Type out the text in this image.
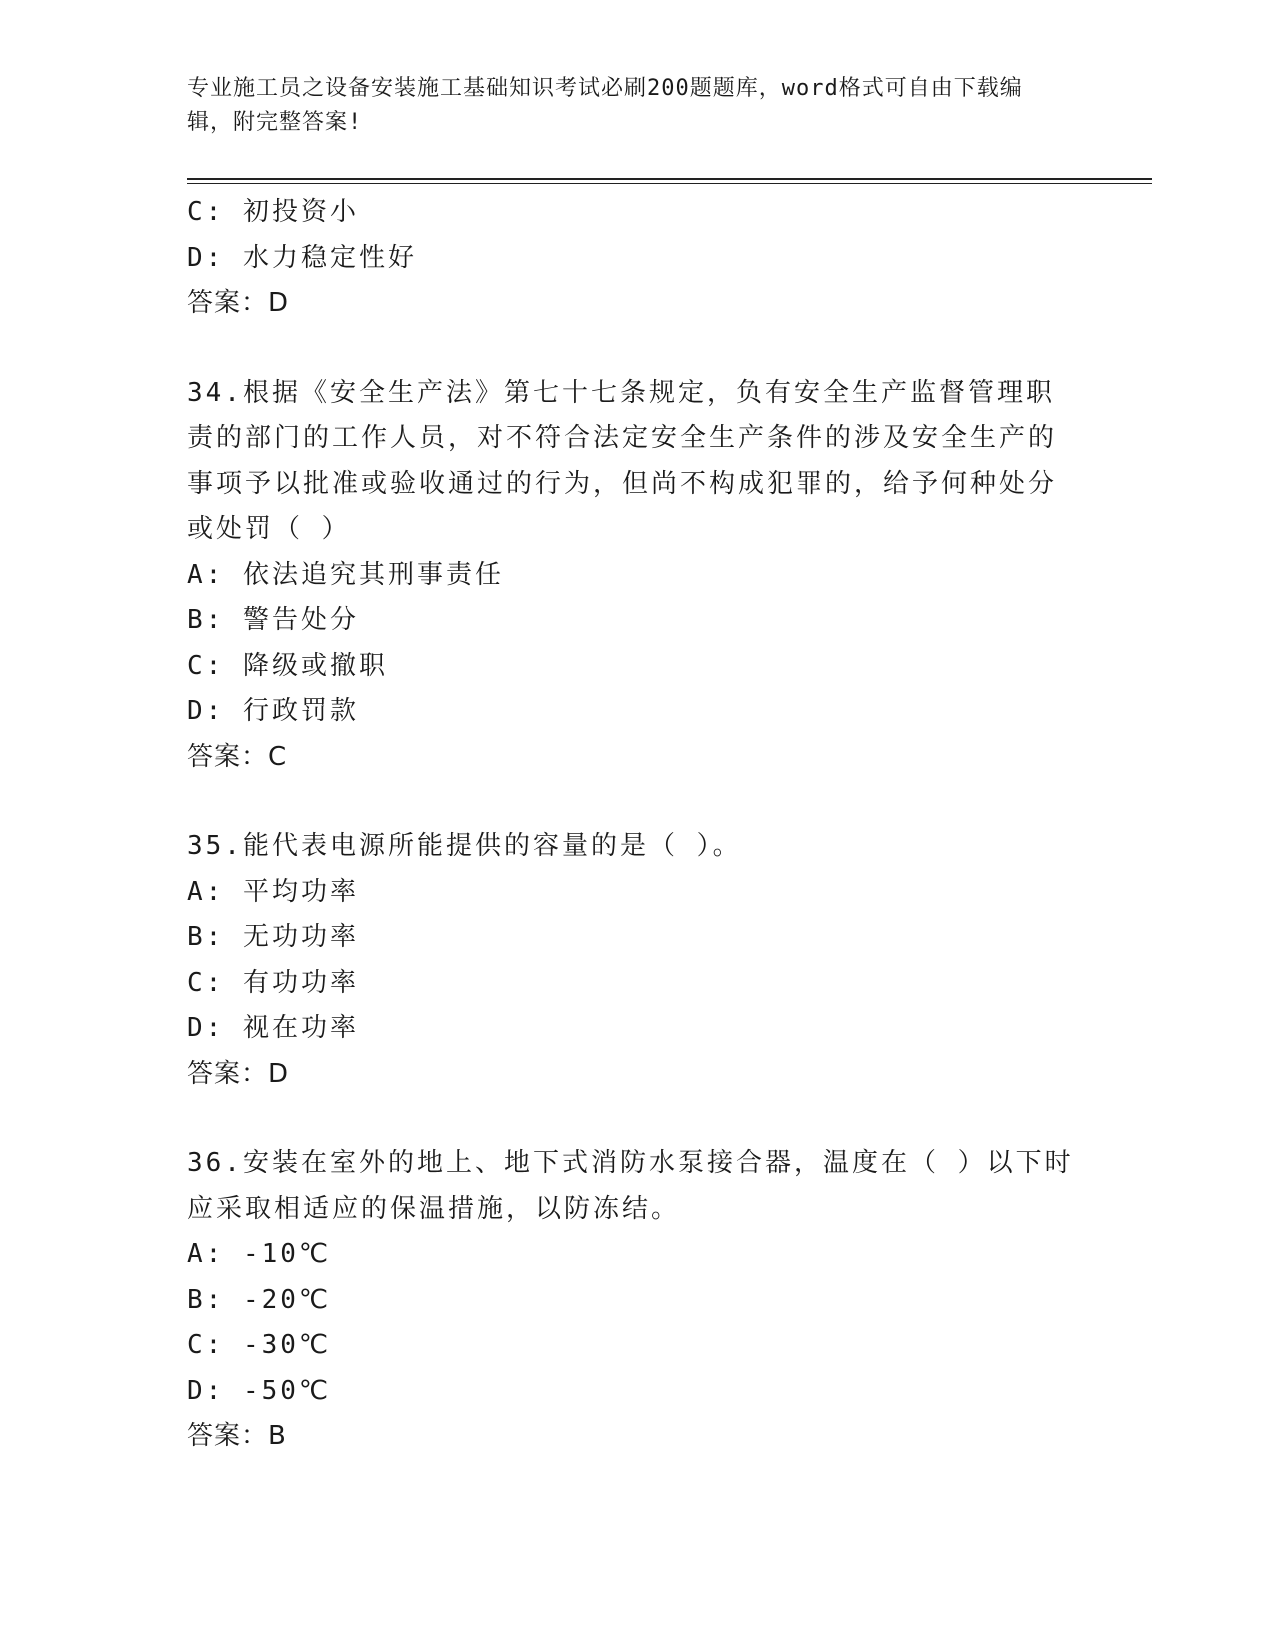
专业施工员之设备安装施工基础知识考试必刷200题题库，word格式可自由下载编辑，附完整答案!
C: 初投资小
D: 水力稳定性好
答案：D
34.根据《安全生产法》第七十七条规定，负有安全生产监督管理职责的部门的工作人员，对不符合法定安全生产条件的涉及安全生产的事项予以批准或验收通过的行为，但尚不构成犯罪的，给予何种处分或处罚（ ）
A: 依法追究其刑事责任
B: 警告处分
C: 降级或撤职
D: 行政罚款
答案：C
35.能代表电源所能提供的容量的是（ ）。
A: 平均功率
B: 无功功率
C: 有功功率
D: 视在功率
答案：D
36.安装在室外的地上、地下式消防水泵接合器，温度在（ ）以下时应采取相适应的保温措施，以防冻结。
A: -10℃
B: -20℃
C: -30℃
D: -50℃
答案：B
